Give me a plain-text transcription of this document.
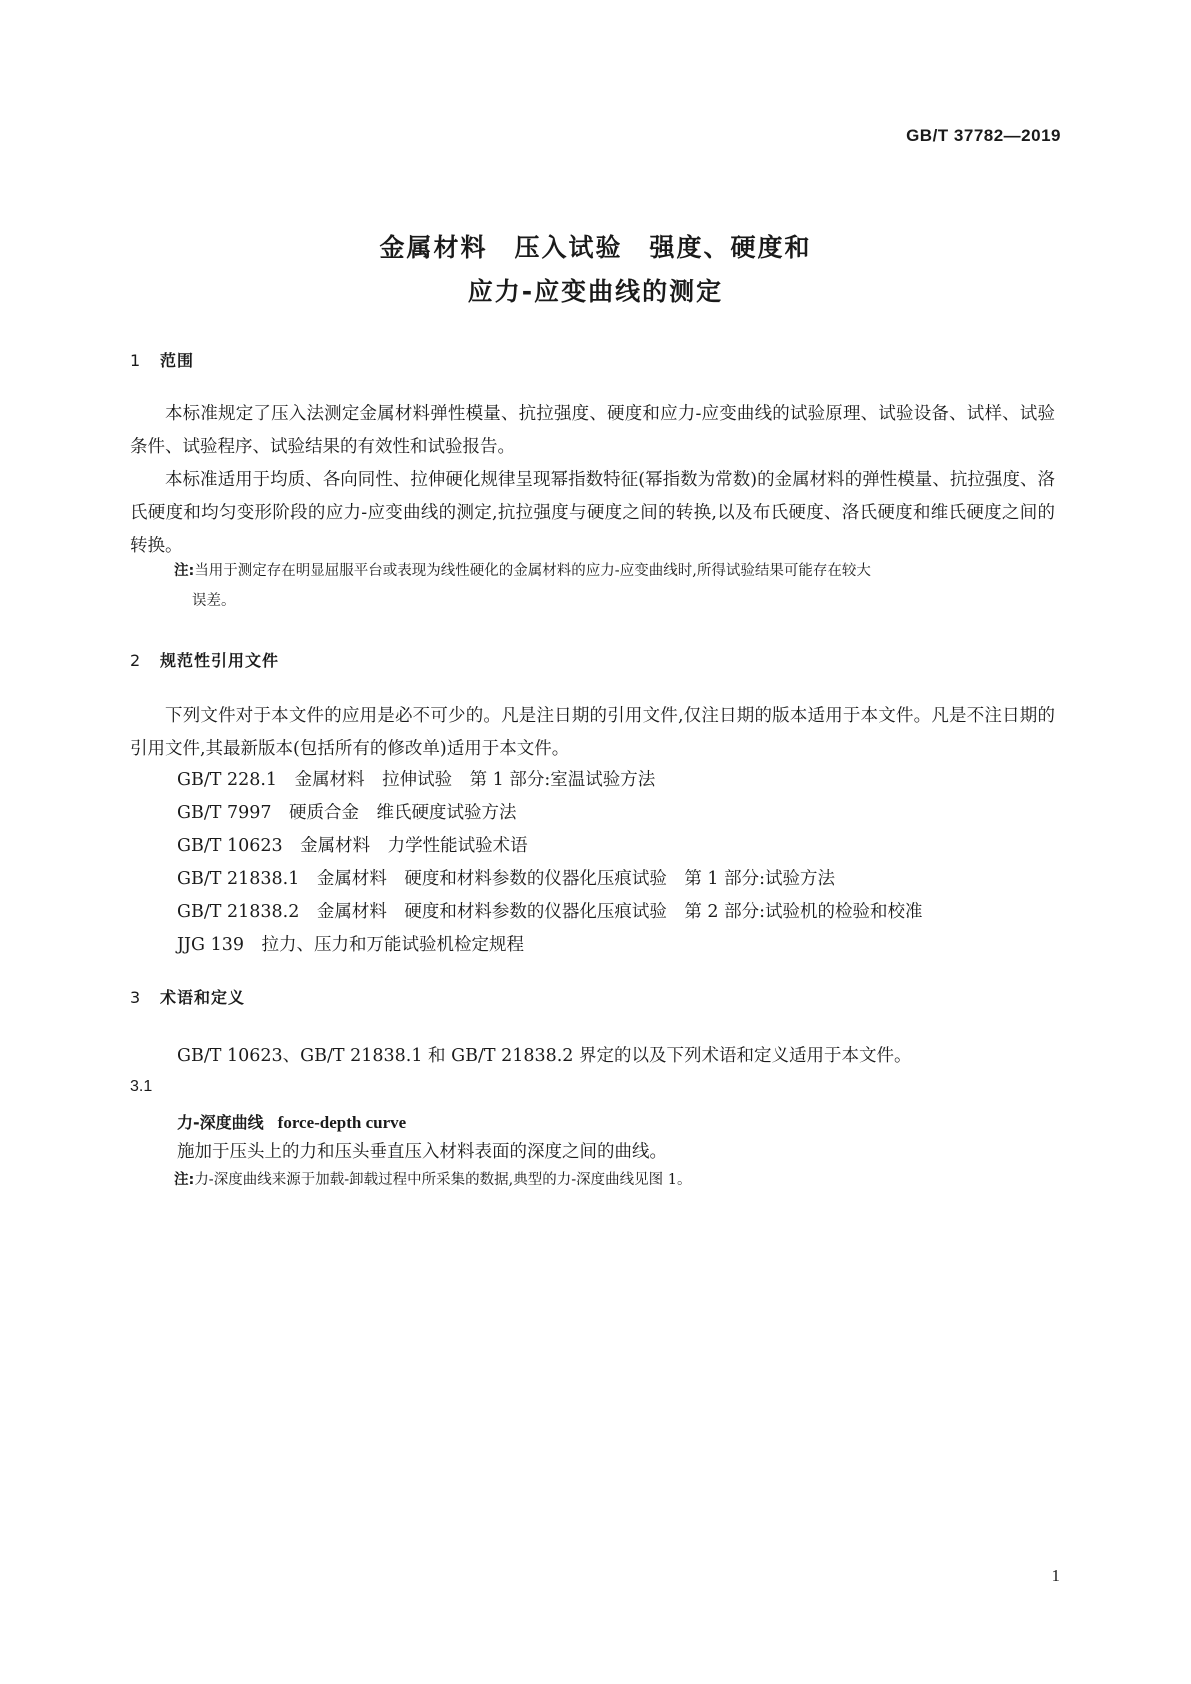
GB/T 37782—2019
金属材料　压入试验　强度、硬度和
应力-应变曲线的测定
1 范围
本标准规定了压入法测定金属材料弹性模量、抗拉强度、硬度和应力-应变曲线的试验原理、试验设备、试样、试验条件、试验程序、试验结果的有效性和试验报告。
本标准适用于均质、各向同性、拉伸硬化规律呈现幂指数特征(幂指数为常数)的金属材料的弹性模量、抗拉强度、洛氏硬度和均匀变形阶段的应力-应变曲线的测定,抗拉强度与硬度之间的转换,以及布氏硬度、洛氏硬度和维氏硬度之间的转换。
注:当用于测定存在明显屈服平台或表现为线性硬化的金属材料的应力-应变曲线时,所得试验结果可能存在较大
误差。
2 规范性引用文件
下列文件对于本文件的应用是必不可少的。凡是注日期的引用文件,仅注日期的版本适用于本文件。凡是不注日期的引用文件,其最新版本(包括所有的修改单)适用于本文件。
GB/T 228.1　金属材料　拉伸试验　第 1 部分:室温试验方法
GB/T 7997　硬质合金　维氏硬度试验方法
GB/T 10623　金属材料　力学性能试验术语
GB/T 21838.1　金属材料　硬度和材料参数的仪器化压痕试验　第 1 部分:试验方法
GB/T 21838.2　金属材料　硬度和材料参数的仪器化压痕试验　第 2 部分:试验机的检验和校准
JJG 139　拉力、压力和万能试验机检定规程
3 术语和定义
GB/T 10623、GB/T 21838.1 和 GB/T 21838.2 界定的以及下列术语和定义适用于本文件。
3.1
力-深度曲线 force-depth curve
施加于压头上的力和压头垂直压入材料表面的深度之间的曲线。
注:力-深度曲线来源于加载-卸载过程中所采集的数据,典型的力-深度曲线见图 1。
1
